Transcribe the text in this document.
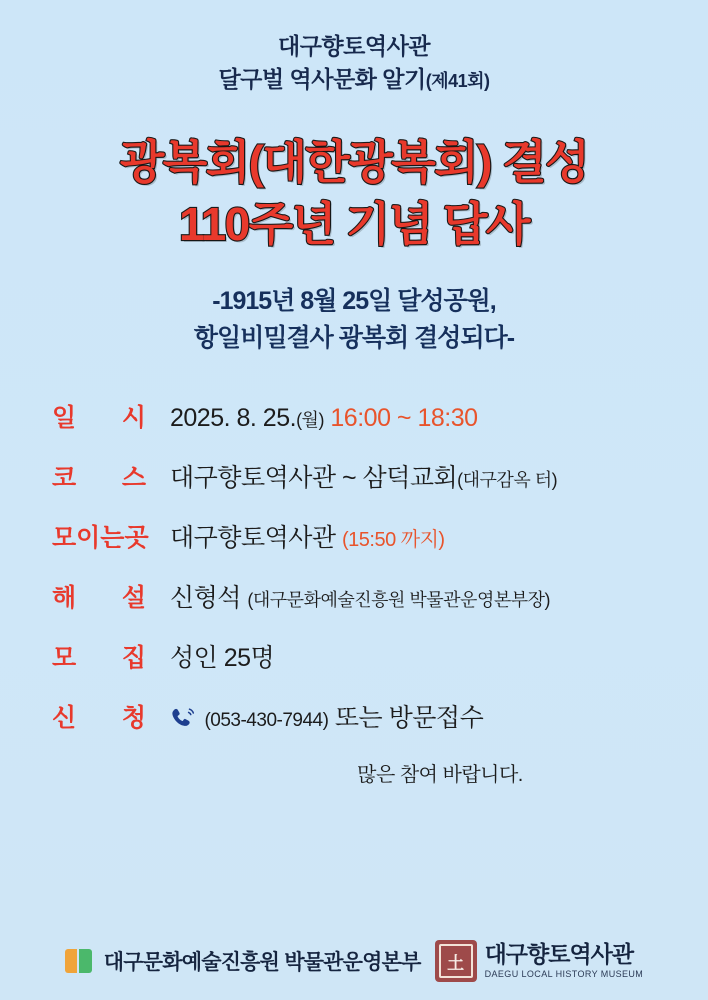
대구향토역사관
달구벌 역사문화 알기(제41회)
광복회(대한광복회) 결성
110주년 기념 답사
-1915년 8월 25일 달성공원,
항일비밀결사 광복회 결성되다-
일 시 2025. 8. 25.(월) 16:00 ~ 18:30
코 스 대구향토역사관 ~ 삼덕교회(대구감옥 터)
모이는곳 대구향토역사관 (15:50 까지)
해 설 신형석 (대구문화예술진흥원 박물관운영본부장)
모 집 성인 25명
신 청	(053-430-7944) 또는 방문접수
많은 참여 바랍니다.
대구문화예술진흥원 박물관운영본부	土 대구향토역사관
DAEGU LOCAL HISTORY MUSEUM
